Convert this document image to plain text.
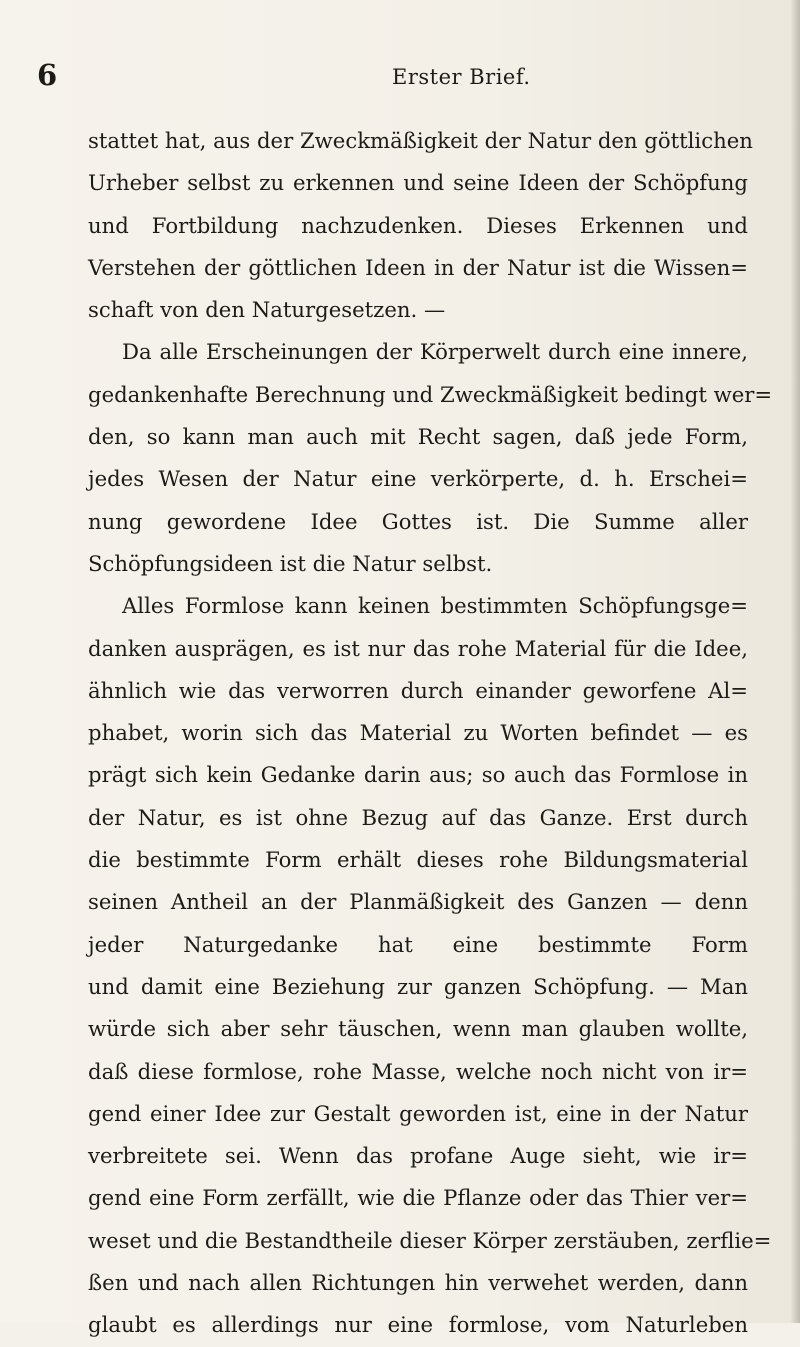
6	Erster Brief.
stattet hat, aus der Zweckmäßigkeit der Natur den göttlichen
Urheber selbst zu erkennen und seine Ideen der Schöpfung
und Fortbildung nachzudenken. Dieses Erkennen und
Verstehen der göttlichen Ideen in der Natur ist die Wissen=
schaft von den Naturgesetzen. —
Da alle Erscheinungen der Körperwelt durch eine innere,
gedankenhafte Berechnung und Zweckmäßigkeit bedingt wer=
den, so kann man auch mit Recht sagen, daß jede Form,
jedes Wesen der Natur eine verkörperte, d. h. Erschei=
nung gewordene Idee Gottes ist. Die Summe aller
Schöpfungsideen ist die Natur selbst.
Alles Formlose kann keinen bestimmten Schöpfungsge=
danken ausprägen, es ist nur das rohe Material für die Idee,
ähnlich wie das verworren durch einander geworfene Al=
phabet, worin sich das Material zu Worten befindet — es
prägt sich kein Gedanke darin aus; so auch das Formlose in
der Natur, es ist ohne Bezug auf das Ganze. Erst durch
die bestimmte Form erhält dieses rohe Bildungsmaterial
seinen Antheil an der Planmäßigkeit des Ganzen — denn
jeder Naturgedanke hat eine bestimmte Form
und damit eine Beziehung zur ganzen Schöpfung. — Man
würde sich aber sehr täuschen, wenn man glauben wollte,
daß diese formlose, rohe Masse, welche noch nicht von ir=
gend einer Idee zur Gestalt geworden ist, eine in der Natur
verbreitete sei. Wenn das profane Auge sieht, wie ir=
gend eine Form zerfällt, wie die Pflanze oder das Thier ver=
weset und die Bestandtheile dieser Körper zerstäuben, zerflie=
ßen und nach allen Richtungen hin verwehet werden, dann
glaubt es allerdings nur eine formlose, vom Naturleben
